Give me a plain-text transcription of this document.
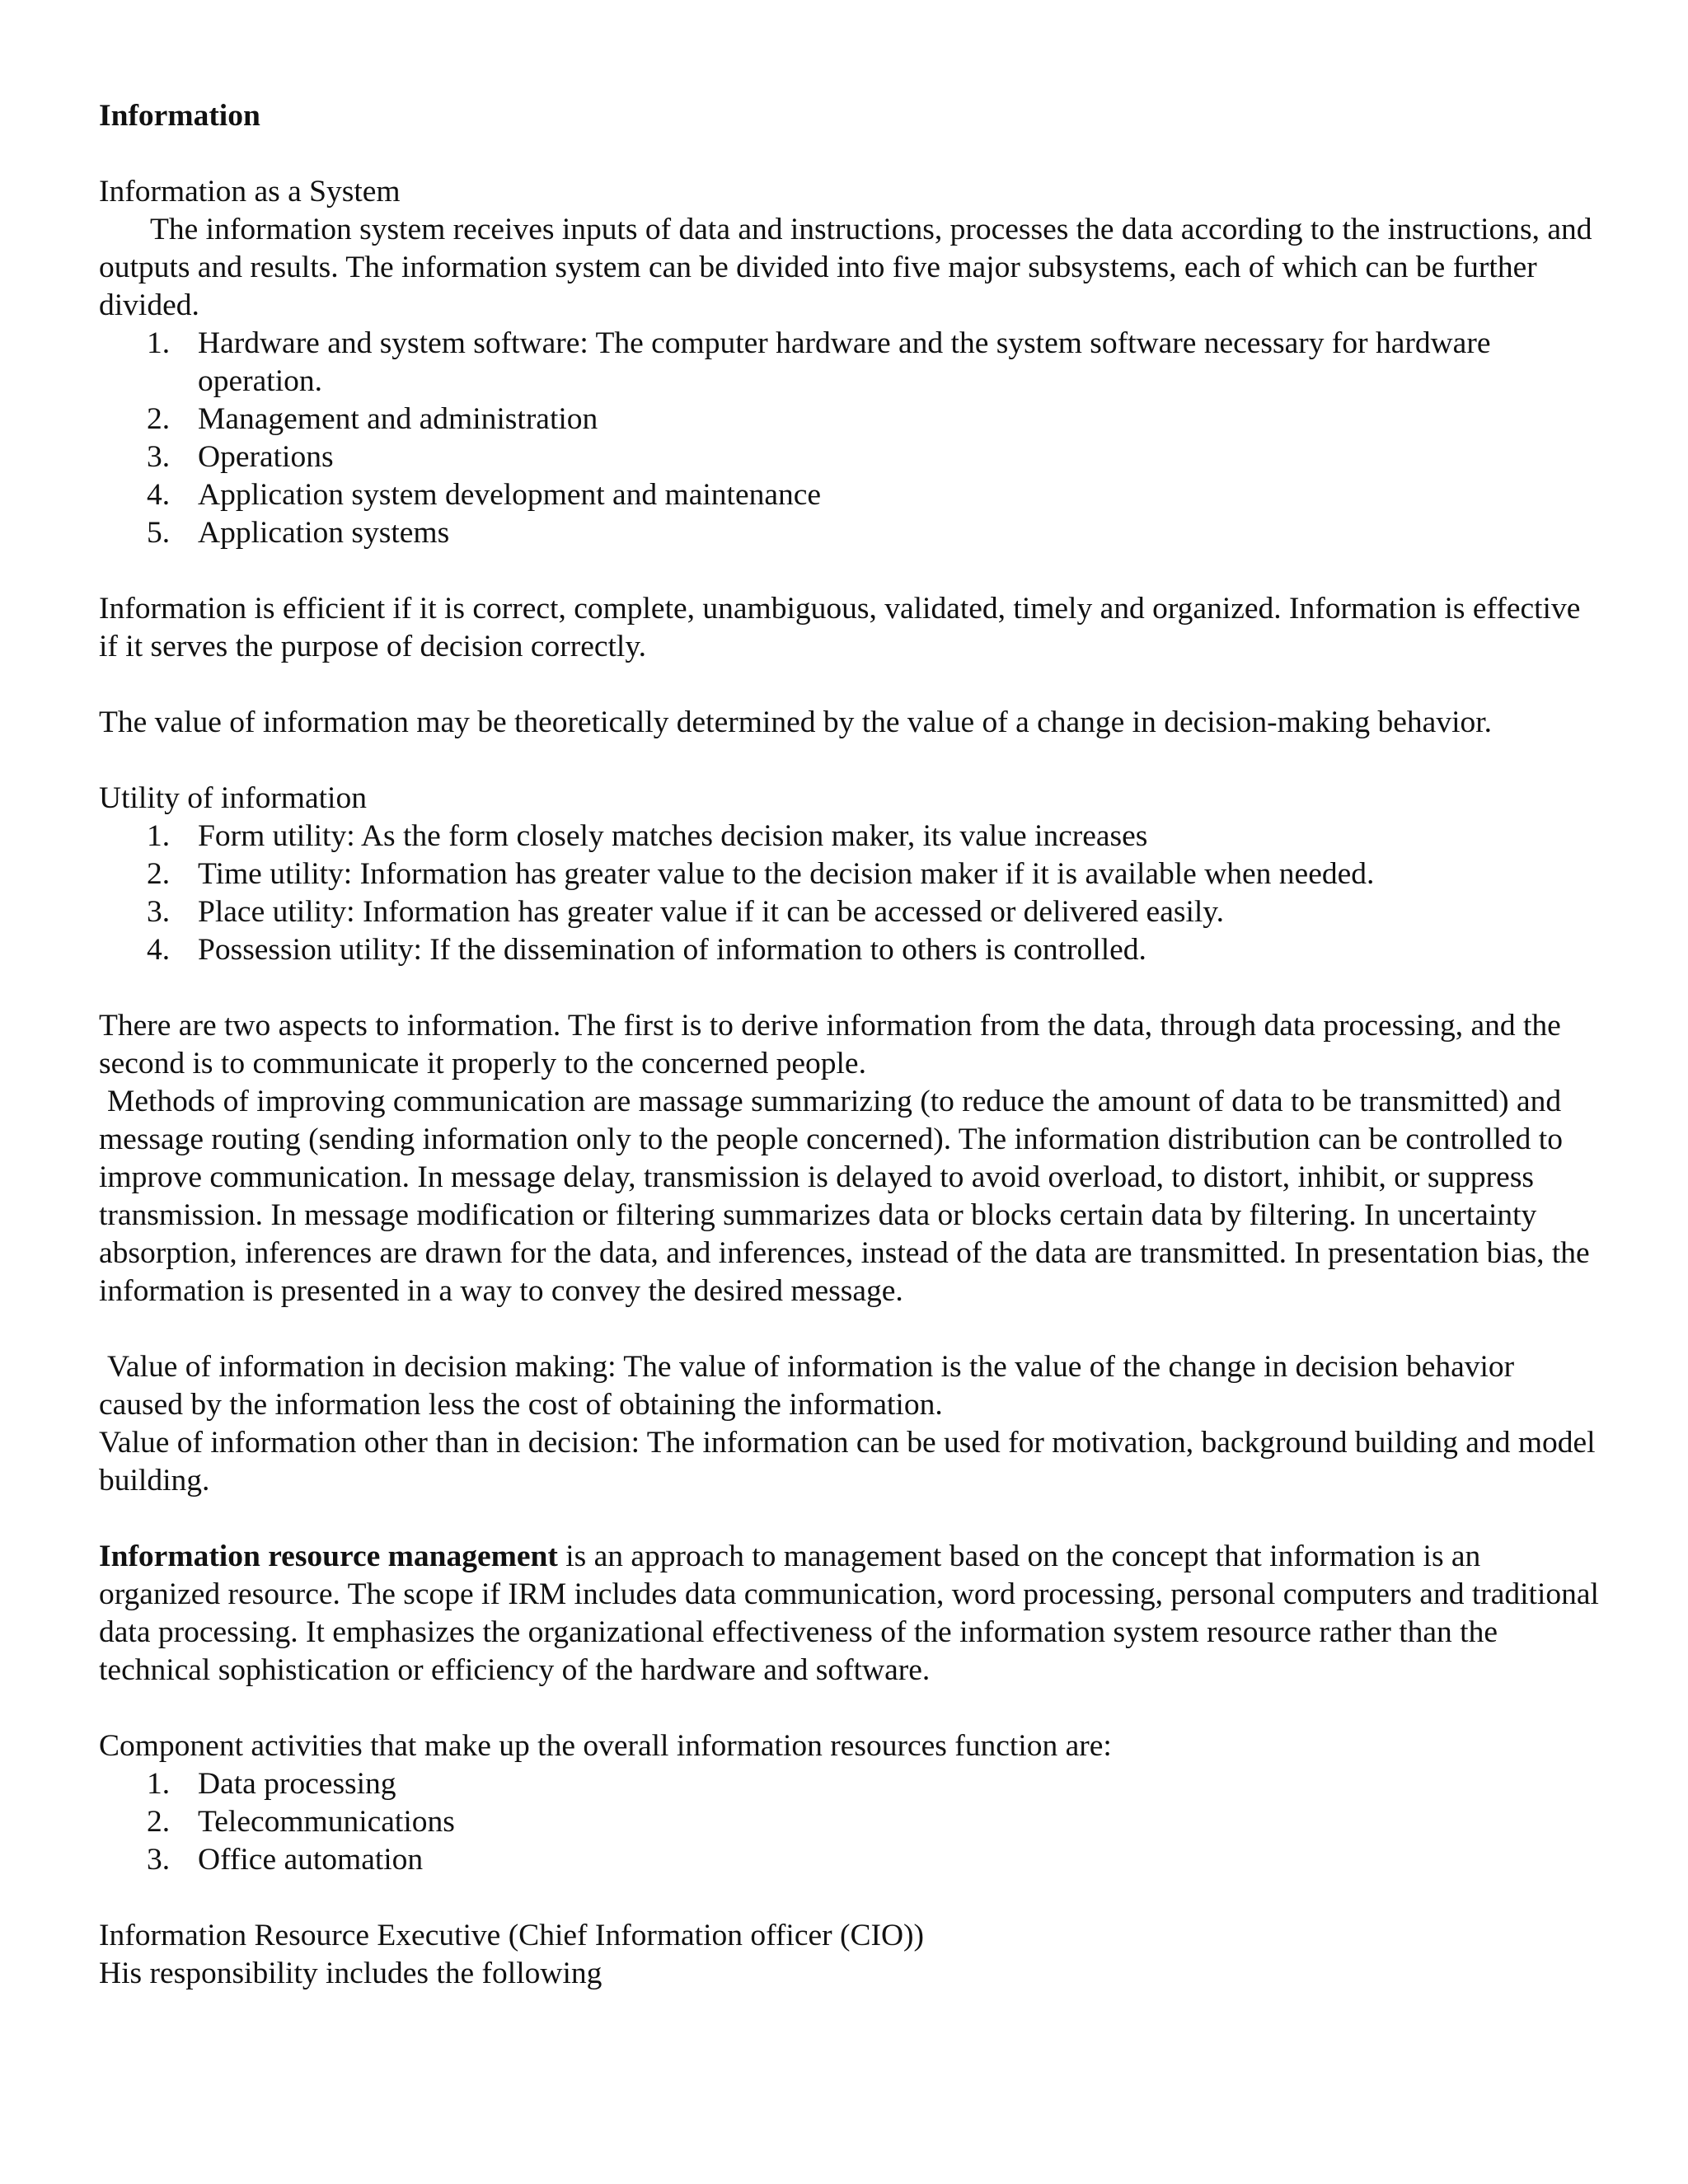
Information

Information as a System

The information system receives inputs of data and instructions, processes the data according to the instructions, and outputs and results. The information system can be divided into five major subsystems, each of which can be further divided.

1. Hardware and system software: The computer hardware and the system software necessary for hardware operation.
2. Management and administration
3. Operations
4. Application system development and maintenance
5. Application systems

Information is efficient if it is correct, complete, unambiguous, validated, timely and organized. Information is effective if it serves the purpose of decision correctly.

The value of information may be theoretically determined by the value of a change in decision-making behavior.

Utility of information

1. Form utility: As the form closely matches decision maker, its value increases
2. Time utility: Information has greater value to the decision maker if it is available when needed.
3. Place utility: Information has greater value if it can be accessed or delivered easily.
4. Possession utility: If the dissemination of information to others is controlled.

There are two aspects to information. The first is to derive information from the data, through data processing, and the second is to communicate it properly to the concerned people.

Methods of improving communication are massage summarizing (to reduce the amount of data to be transmitted) and message routing (sending information only to the people concerned). The information distribution can be controlled to improve communication. In message delay, transmission is delayed to avoid overload, to distort, inhibit, or suppress transmission. In message modification or filtering summarizes data or blocks certain data by filtering. In uncertainty absorption, inferences are drawn for the data, and inferences, instead of the data are transmitted. In presentation bias, the information is presented in a way to convey the desired message.

Value of information in decision making: The value of information is the value of the change in decision behavior caused by the information less the cost of obtaining the information.

Value of information other than in decision: The information can be used for motivation, background building and model building.

Information resource management is an approach to management based on the concept that information is an organized resource. The scope if IRM includes data communication, word processing, personal computers and traditional data processing. It emphasizes the organizational effectiveness of the information system resource rather than the technical sophistication or efficiency of the hardware and software.

Component activities that make up the overall information resources function are:

1. Data processing
2. Telecommunications
3. Office automation

Information Resource Executive (Chief Information officer (CIO))

His responsibility includes the following
